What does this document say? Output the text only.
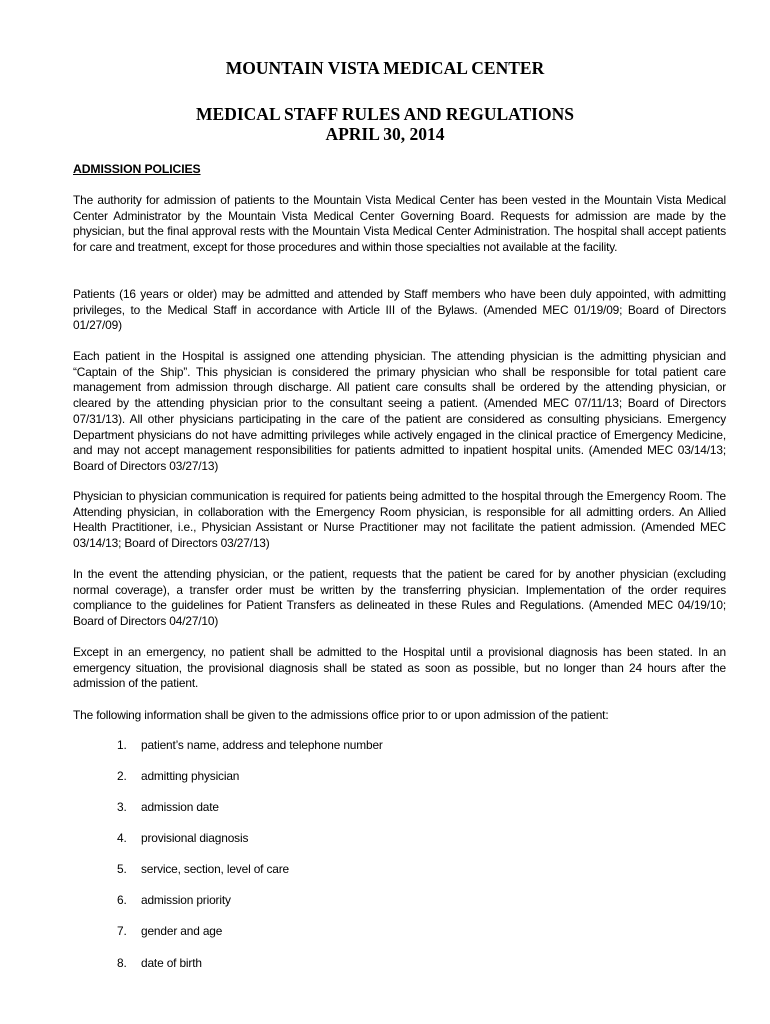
MOUNTAIN VISTA MEDICAL CENTER
MEDICAL STAFF RULES AND REGULATIONS
APRIL 30, 2014
ADMISSION POLICIES

The authority for admission of patients to the Mountain Vista Medical Center has been vested in the Mountain Vista Medical Center Administrator by the Mountain Vista Medical Center Governing Board. Requests for admission are made by the physician, but the final approval rests with the Mountain Vista Medical Center Administration. The hospital shall accept patients for care and treatment, except for those procedures and within those specialties not available at the facility.

Patients (16 years or older) may be admitted and attended by Staff members who have been duly appointed, with admitting privileges, to the Medical Staff in accordance with Article III of the Bylaws. (Amended MEC 01/19/09; Board of Directors 01/27/09)

Each patient in the Hospital is assigned one attending physician. The attending physician is the admitting physician and “Captain of the Ship”. This physician is considered the primary physician who shall be responsible for total patient care management from admission through discharge. All patient care consults shall be ordered by the attending physician, or cleared by the attending physician prior to the consultant seeing a patient. (Amended MEC 07/11/13; Board of Directors 07/31/13). All other physicians participating in the care of the patient are considered as consulting physicians. Emergency Department physicians do not have admitting privileges while actively engaged in the clinical practice of Emergency Medicine, and may not accept management responsibilities for patients admitted to inpatient hospital units. (Amended MEC 03/14/13; Board of Directors 03/27/13)

Physician to physician communication is required for patients being admitted to the hospital through the Emergency Room. The Attending physician, in collaboration with the Emergency Room physician, is responsible for all admitting orders. An Allied Health Practitioner, i.e., Physician Assistant or Nurse Practitioner may not facilitate the patient admission. (Amended MEC 03/14/13; Board of Directors 03/27/13)

In the event the attending physician, or the patient, requests that the patient be cared for by another physician (excluding normal coverage), a transfer order must be written by the transferring physician. Implementation of the order requires compliance to the guidelines for Patient Transfers as delineated in these Rules and Regulations. (Amended MEC 04/19/10; Board of Directors 04/27/10)

Except in an emergency, no patient shall be admitted to the Hospital until a provisional diagnosis has been stated. In an emergency situation, the provisional diagnosis shall be stated as soon as possible, but no longer than 24 hours after the admission of the patient.

The following information shall be given to the admissions office prior to or upon admission of the patient:

1.	patient’s name, address and telephone number
2.	admitting physician
3.	admission date
4.	provisional diagnosis
5.	service, section, level of care
6.	admission priority
7.	gender and age
8.	date of birth
